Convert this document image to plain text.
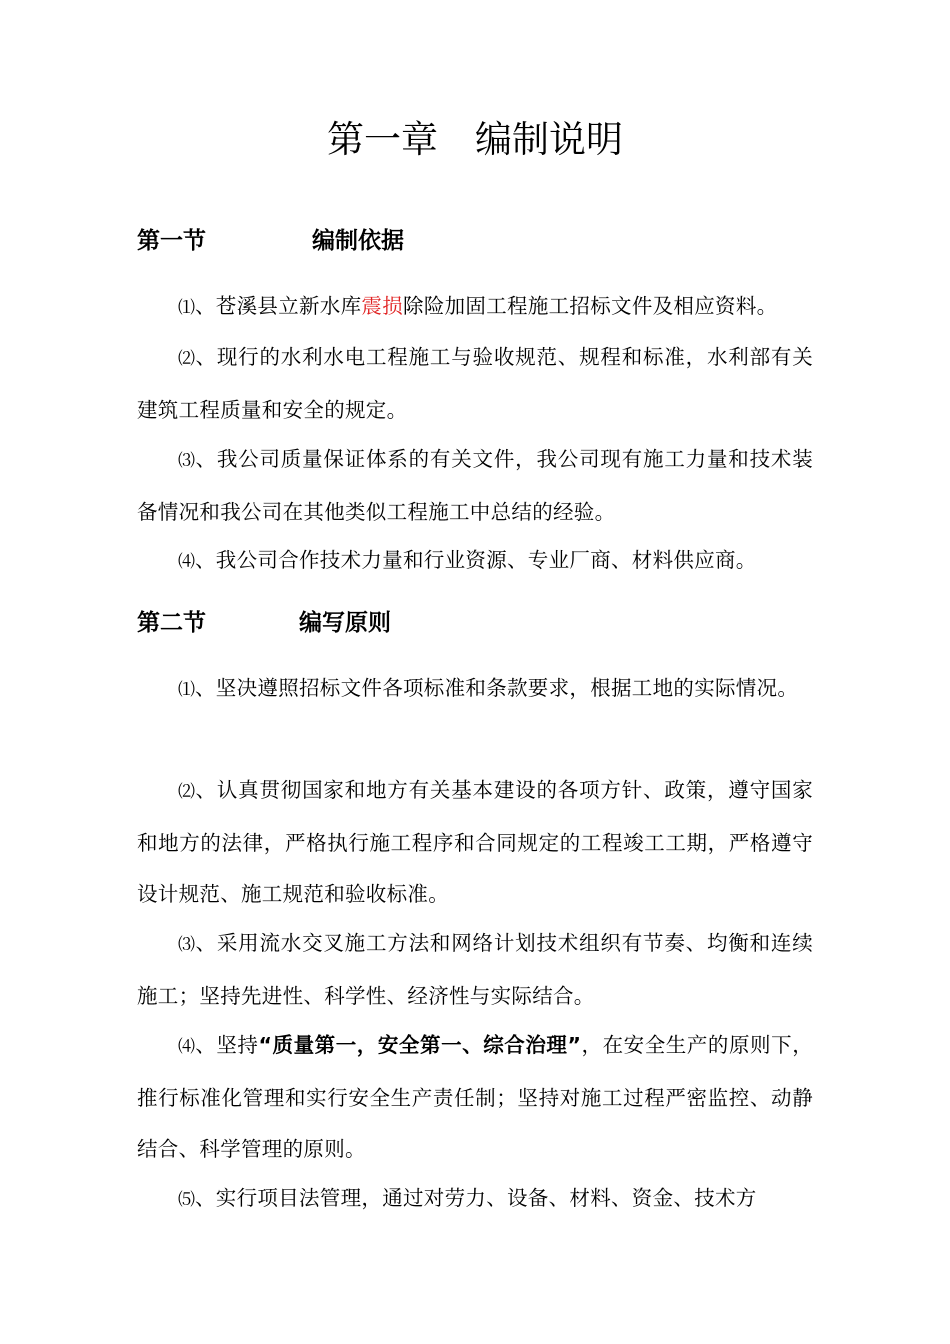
第一章　编制说明
第一节	编制依据

⑴、苍溪县立新水库震损除险加固工程施工招标文件及相应资料。

⑵、现行的水利水电工程施工与验收规范、规程和标准，水利部有关建筑工程质量和安全的规定。

⑶、我公司质量保证体系的有关文件，我公司现有施工力量和技术装备情况和我公司在其他类似工程施工中总结的经验。

⑷、我公司合作技术力量和行业资源、专业厂商、材料供应商。

第二节	编写原则

⑴、坚决遵照招标文件各项标准和条款要求，根据工地的实际情况。

⑵、认真贯彻国家和地方有关基本建设的各项方针、政策，遵守国家和地方的法律，严格执行施工程序和合同规定的工程竣工工期，严格遵守设计规范、施工规范和验收标准。

⑶、采用流水交叉施工方法和网络计划技术组织有节奏、均衡和连续施工；坚持先进性、科学性、经济性与实际结合。

⑷、坚持“质量第一，安全第一、综合治理”，在安全生产的原则下，推行标准化管理和实行安全生产责任制；坚持对施工过程严密监控、动静结合、科学管理的原则。

⑸、实行项目法管理，通过对劳力、设备、材料、资金、技术方
